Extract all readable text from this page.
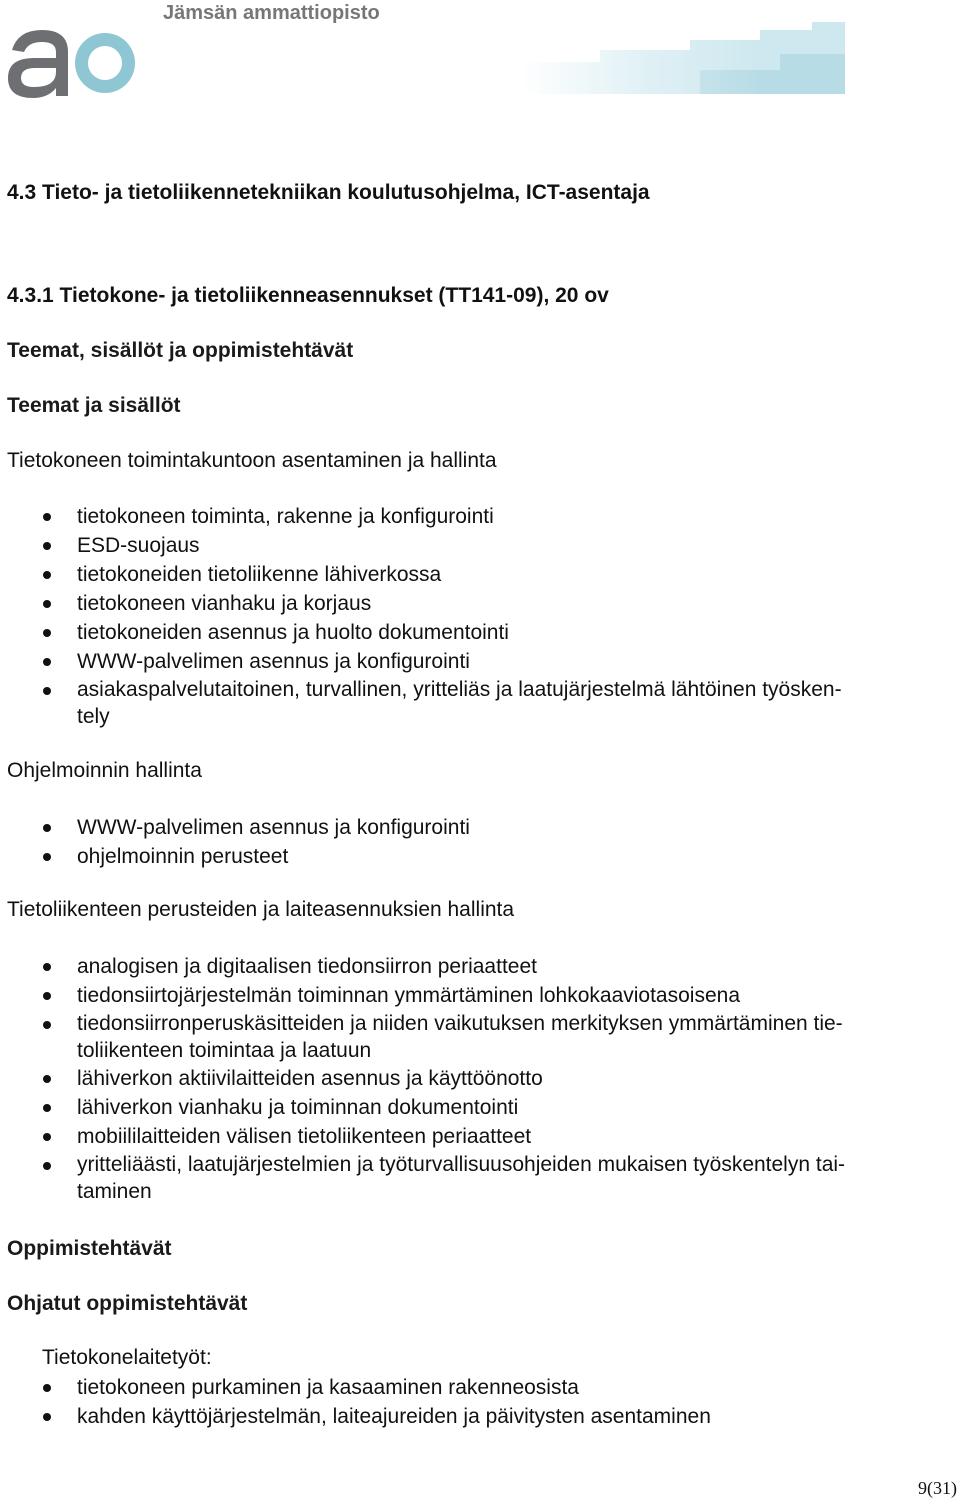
Jämsän ammattiopisto

4.3 Tieto- ja tietoliikennetekniikan koulutusohjelma, ICT-asentaja

4.3.1 Tietokone- ja tietoliikenneasennukset (TT141-09), 20 ov

Teemat, sisällöt ja oppimistehtävät

Teemat ja sisällöt

Tietokoneen toimintakuntoon asentaminen ja hallinta

tietokoneen toiminta, rakenne ja konfigurointi
ESD-suojaus
tietokoneiden tietoliikenne lähiverkossa
tietokoneen vianhaku ja korjaus
tietokoneiden asennus ja huolto dokumentointi
WWW-palvelimen asennus ja konfigurointi
asiakaspalvelutaitoinen, turvallinen, yritteliäs ja laatujärjestelmä lähtöinen työsken-
tely

Ohjelmoinnin hallinta

WWW-palvelimen asennus ja konfigurointi
ohjelmoinnin perusteet

Tietoliikenteen perusteiden ja laiteasennuksien hallinta

analogisen ja digitaalisen tiedonsiirron periaatteet
tiedonsiirtojärjestelmän toiminnan ymmärtäminen lohkokaaviotasoisena
tiedonsiirronperuskäsitteiden ja niiden vaikutuksen merkityksen ymmärtäminen tie-
toliikenteen toimintaa ja laatuun
lähiverkon aktiivilaitteiden asennus ja käyttöönotto
lähiverkon vianhaku ja toiminnan dokumentointi
mobiililaitteiden välisen tietoliikenteen periaatteet
yritteliäästi, laatujärjestelmien ja työturvallisuusohjeiden mukaisen työskentelyn tai-
taminen

Oppimistehtävät

Ohjatut oppimistehtävät

Tietokonelaitetyöt:

tietokoneen purkaminen ja kasaaminen rakenneosista
kahden käyttöjärjestelmän, laiteajureiden ja päivitysten asentaminen
9(31)
